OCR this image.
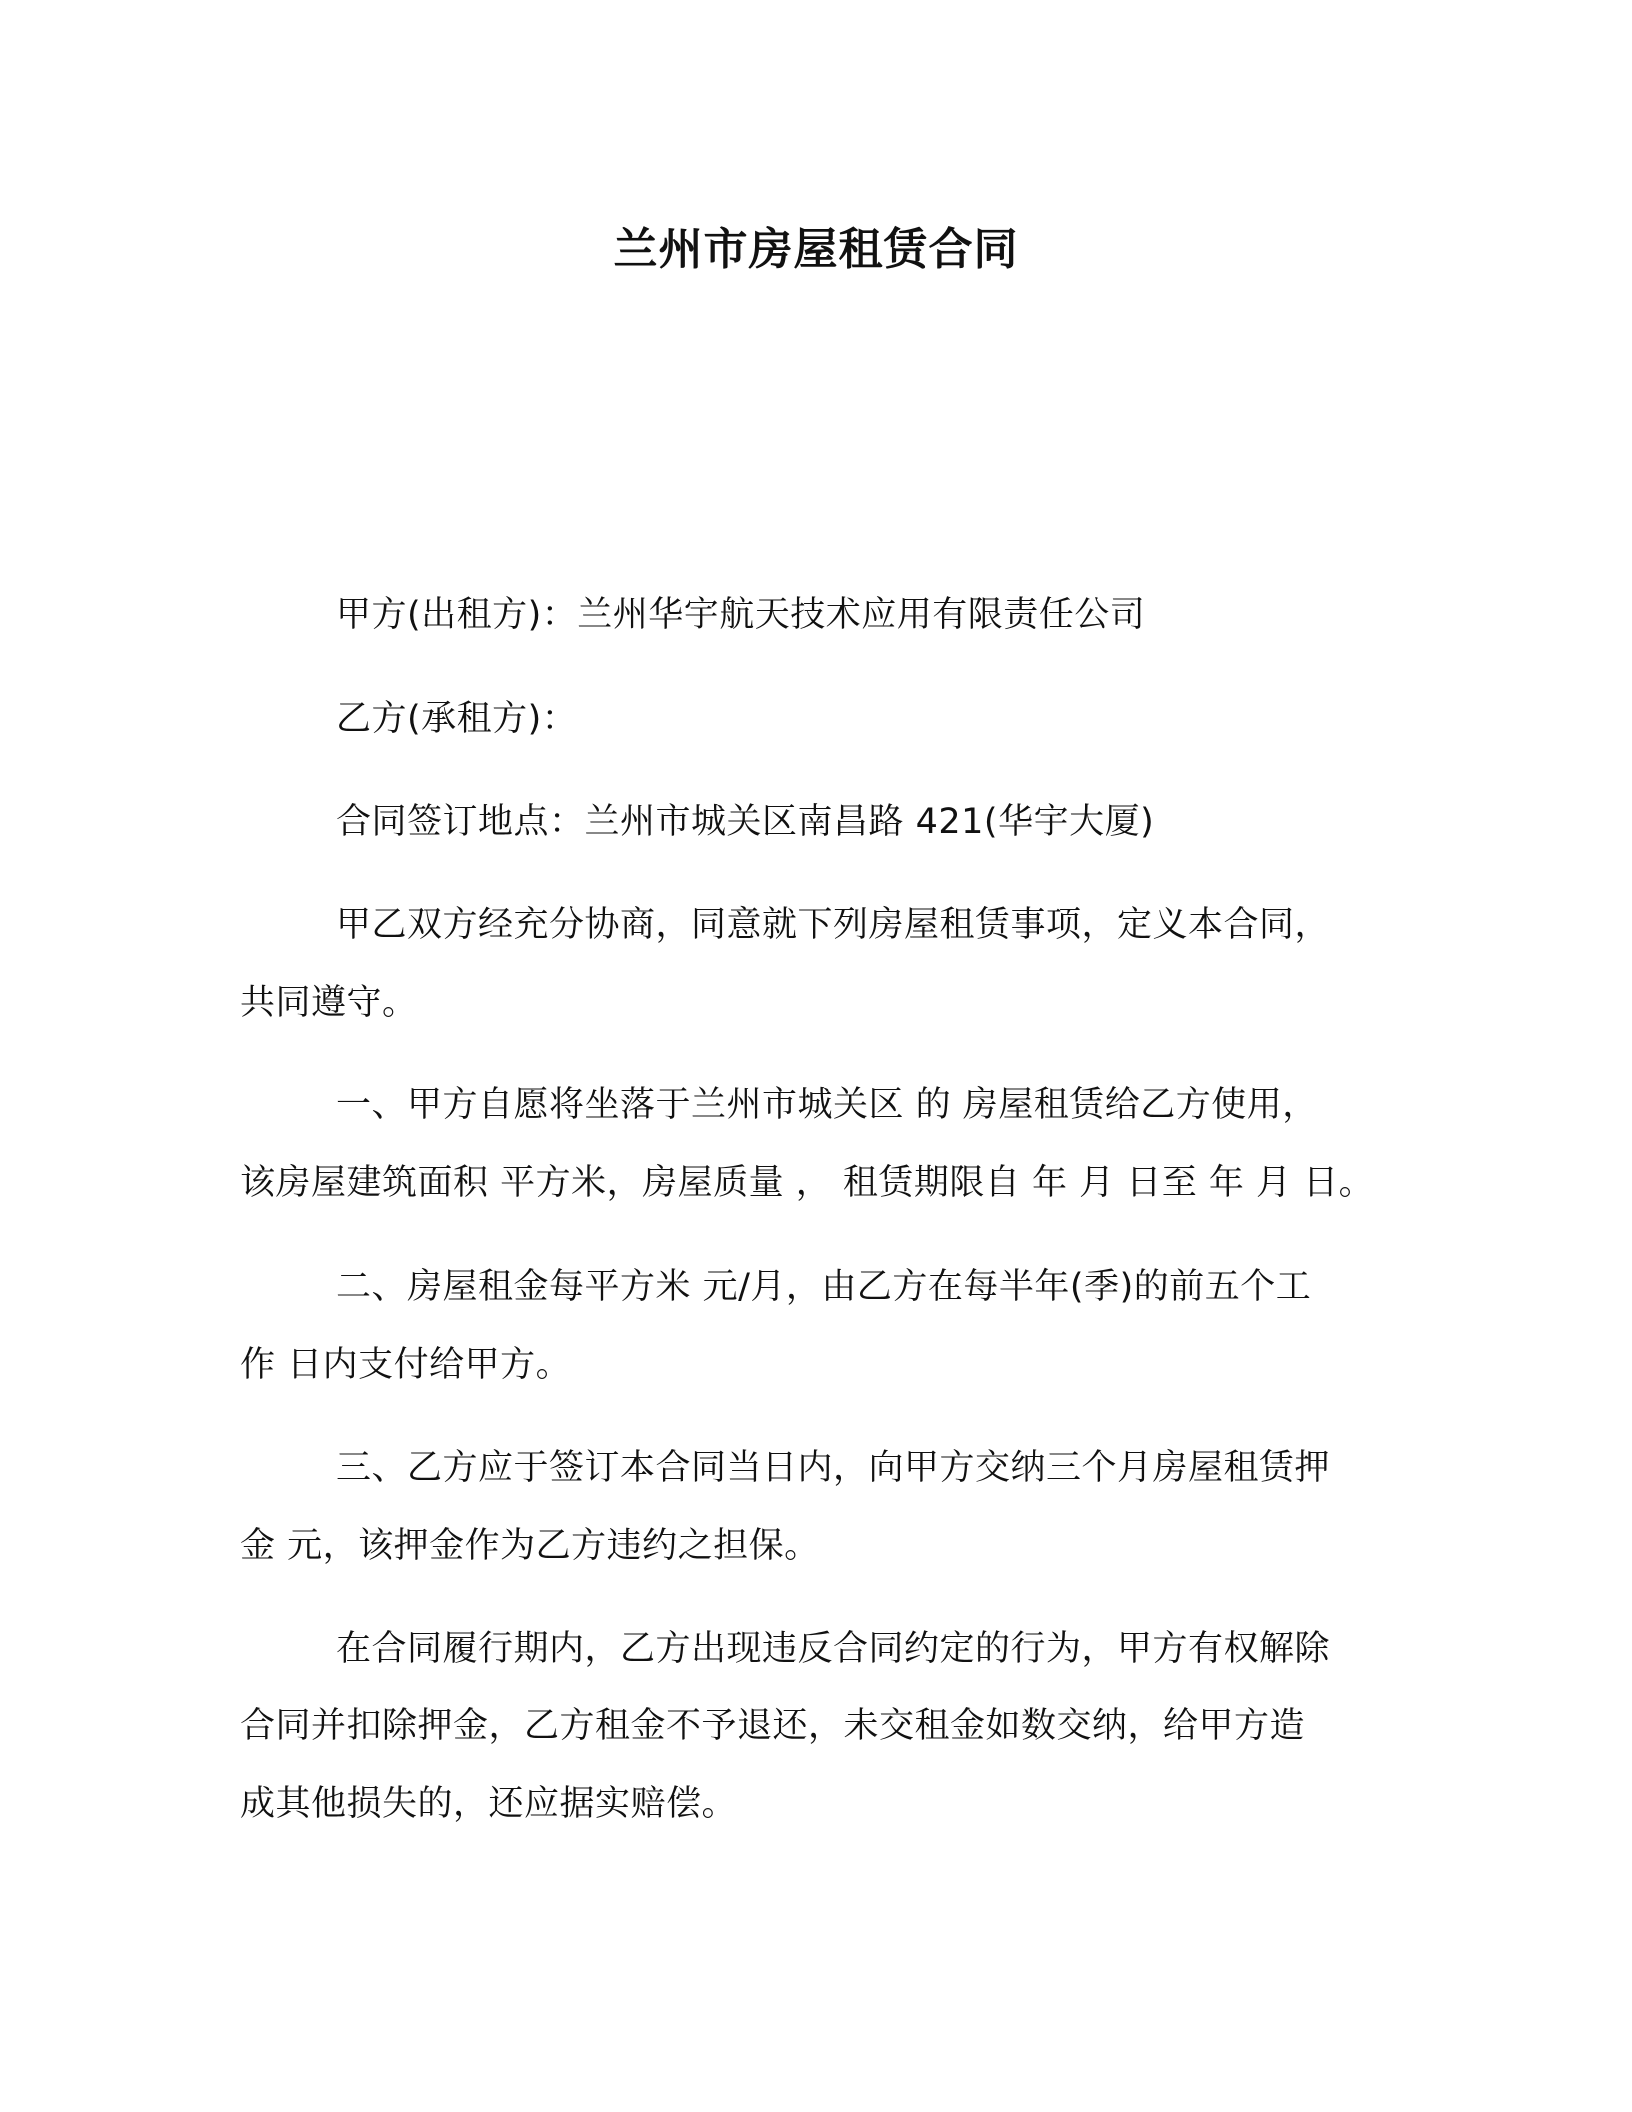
兰州市房屋租赁合同
甲方(出租方)：兰州华宇航天技术应用有限责任公司
乙方(承租方)：
合同签订地点：兰州市城关区南昌路 421(华宇大厦)
甲乙双方经充分协商，同意就下列房屋租赁事项，定义本合同，
共同遵守。
一、甲方自愿将坐落于兰州市城关区 的 房屋租赁给乙方使用，
该房屋建筑面积 平方米，房屋质量 ， 租赁期限自 年 月 日至 年 月 日。
二、房屋租金每平方米 元/月，由乙方在每半年(季)的前五个工
作 日内支付给甲方。
三、乙方应于签订本合同当日内，向甲方交纳三个月房屋租赁押
金 元，该押金作为乙方违约之担保。
在合同履行期内，乙方出现违反合同约定的行为，甲方有权解除
合同并扣除押金，乙方租金不予退还，未交租金如数交纳，给甲方造
成其他损失的，还应据实赔偿。
